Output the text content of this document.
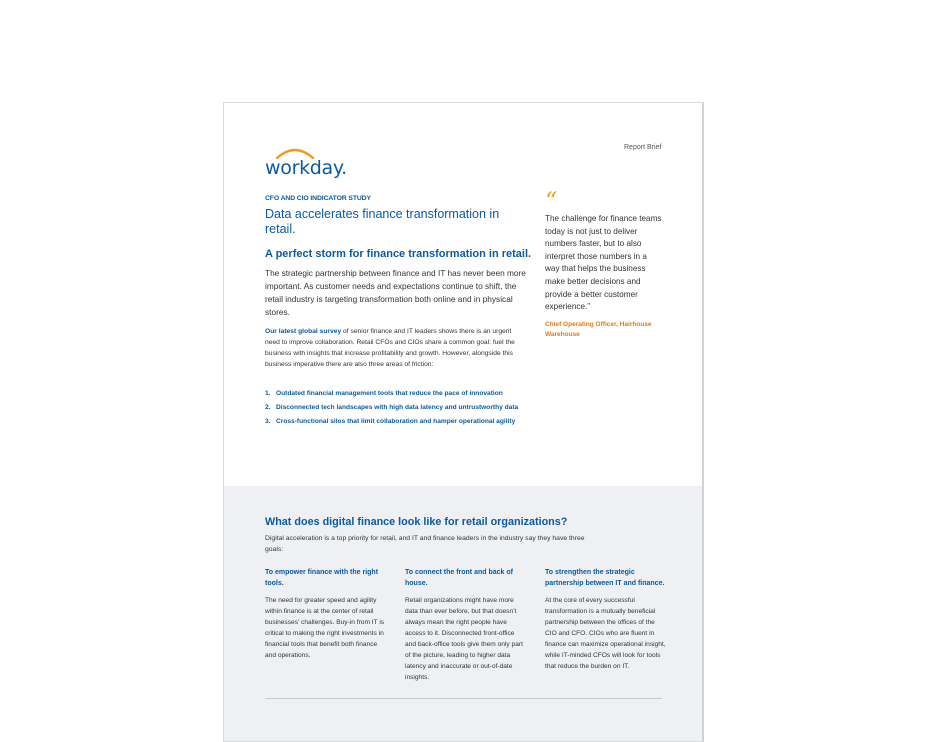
workday.
Report Brief
CFO AND CIO INDICATOR STUDY
Data accelerates finance transformation in retail.
A perfect storm for finance transformation in retail.
The strategic partnership between finance and IT has never been more important. As customer needs and expectations continue to shift, the retail industry is targeting transformation both online and in physical stores.
Our latest global survey of senior finance and IT leaders shows there is an urgent need to improve collaboration. Retail CFOs and CIOs share a common goal: fuel the business with insights that increase profitability and growth. However, alongside this business imperative there are also three areas of friction:
1. Outdated financial management tools that reduce the pace of innovation
2. Disconnected tech landscapes with high data latency and untrustworthy data
3. Cross-functional silos that limit collaboration and hamper operational agility
“
The challenge for finance teams today is not just to deliver numbers faster, but to also interpret those numbers in a way that helps the business make better decisions and provide a better customer experience.”
Chief Operating Officer, Hairhouse Warehouse
What does digital finance look like for retail organizations?
Digital acceleration is a top priority for retail, and IT and finance leaders in the industry say they have three goals:
To empower finance with the right tools.
The need for greater speed and agility within finance is at the center of retail businesses’ challenges. Buy-in from IT is critical to making the right investments in financial tools that benefit both finance and operations.
To connect the front and back of house.
Retail organizations might have more data than ever before, but that doesn’t always mean the right people have access to it. Disconnected front-office and back-office tools give them only part of the picture, leading to higher data latency and inaccurate or out-of-date insights.
To strengthen the strategic partnership between IT and finance.
At the core of every successful transformation is a mutually beneficial partnership between the offices of the CIO and CFO. CIOs who are fluent in finance can maximize operational insight, while IT-minded CFOs will look for tools that reduce the burden on IT.
